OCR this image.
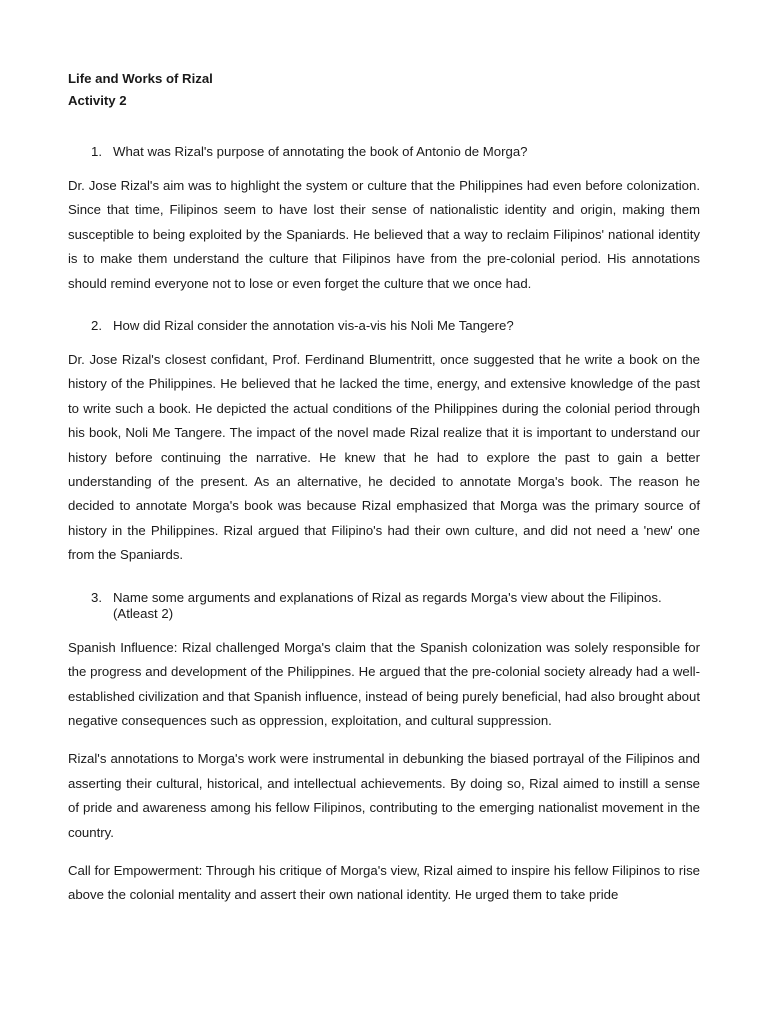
Life and Works of Rizal

Activity 2

1. What was Rizal's purpose of annotating the book of Antonio de Morga?

Dr. Jose Rizal's aim was to highlight the system or culture that the Philippines had even before colonization. Since that time, Filipinos seem to have lost their sense of nationalistic identity and origin, making them susceptible to being exploited by the Spaniards. He believed that a way to reclaim Filipinos' national identity is to make them understand the culture that Filipinos have from the pre-colonial period. His annotations should remind everyone not to lose or even forget the culture that we once had.

2. How did Rizal consider the annotation vis-a-vis his Noli Me Tangere?

Dr. Jose Rizal's closest confidant, Prof. Ferdinand Blumentritt, once suggested that he write a book on the history of the Philippines. He believed that he lacked the time, energy, and extensive knowledge of the past to write such a book. He depicted the actual conditions of the Philippines during the colonial period through his book, Noli Me Tangere. The impact of the novel made Rizal realize that it is important to understand our history before continuing the narrative. He knew that he had to explore the past to gain a better understanding of the present. As an alternative, he decided to annotate Morga's book. The reason he decided to annotate Morga's book was because Rizal emphasized that Morga was the primary source of history in the Philippines. Rizal argued that Filipino's had their own culture, and did not need a 'new' one from the Spaniards.

3. Name some arguments and explanations of Rizal as regards Morga's view about the Filipinos. (Atleast 2)

Spanish Influence: Rizal challenged Morga's claim that the Spanish colonization was solely responsible for the progress and development of the Philippines. He argued that the pre-colonial society already had a well-established civilization and that Spanish influence, instead of being purely beneficial, had also brought about negative consequences such as oppression, exploitation, and cultural suppression.

Rizal's annotations to Morga's work were instrumental in debunking the biased portrayal of the Filipinos and asserting their cultural, historical, and intellectual achievements. By doing so, Rizal aimed to instill a sense of pride and awareness among his fellow Filipinos, contributing to the emerging nationalist movement in the country.

Call for Empowerment: Through his critique of Morga's view, Rizal aimed to inspire his fellow Filipinos to rise above the colonial mentality and assert their own national identity. He urged them to take pride
